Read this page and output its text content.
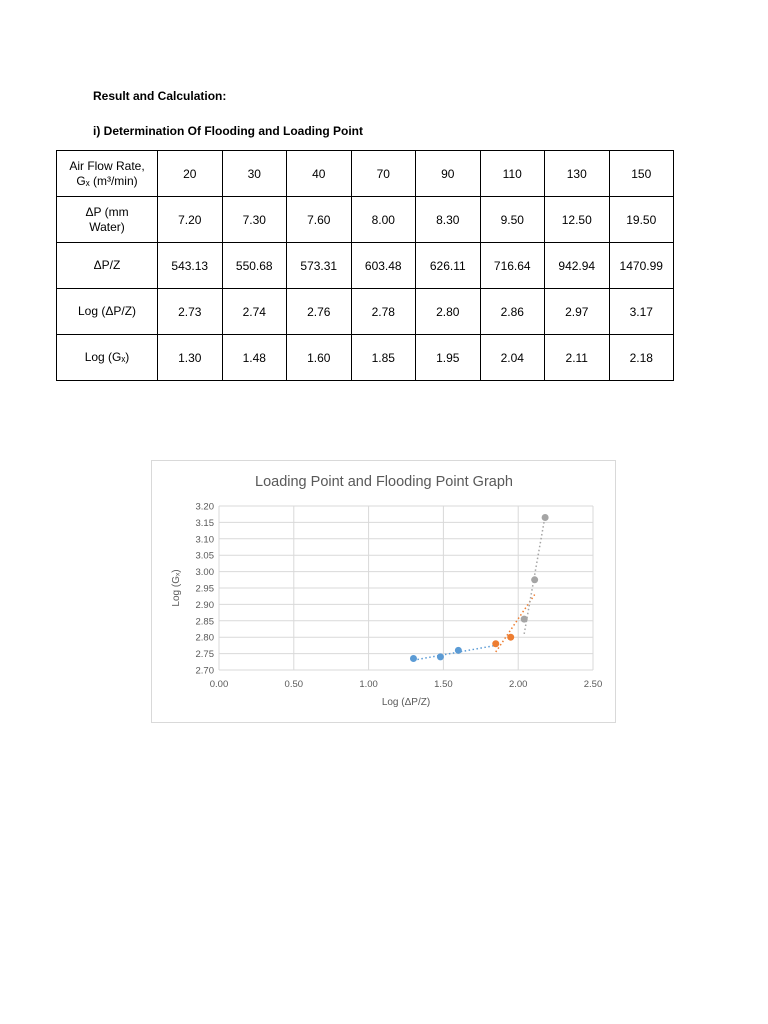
Result and Calculation:
i) Determination Of Flooding and Loading Point
Air Flow Rate,
Gₓ (m³/min)	20	30	40	70	90	110	130	150

ΔP (mm
Water)	7.20	7.30	7.60	8.00	8.30	9.50	12.50	19.50

ΔP/Z	543.13	550.68	573.31	603.48	626.11	716.64	942.94	1470.99

Log (ΔP/Z)	2.73	2.74	2.76	2.78	2.80	2.86	2.97	3.17

Log (Gₓ)	1.30	1.48	1.60	1.85	1.95	2.04	2.11	2.18
Loading Point and Flooding Point Graph
2.70
2.75
2.80
2.85
2.90
2.95
3.00
3.05
3.10
3.15
3.20
0.00	0.50	1.00	1.50	2.00	2.50
Log (ΔP/Z)
Log (Gₓ)
